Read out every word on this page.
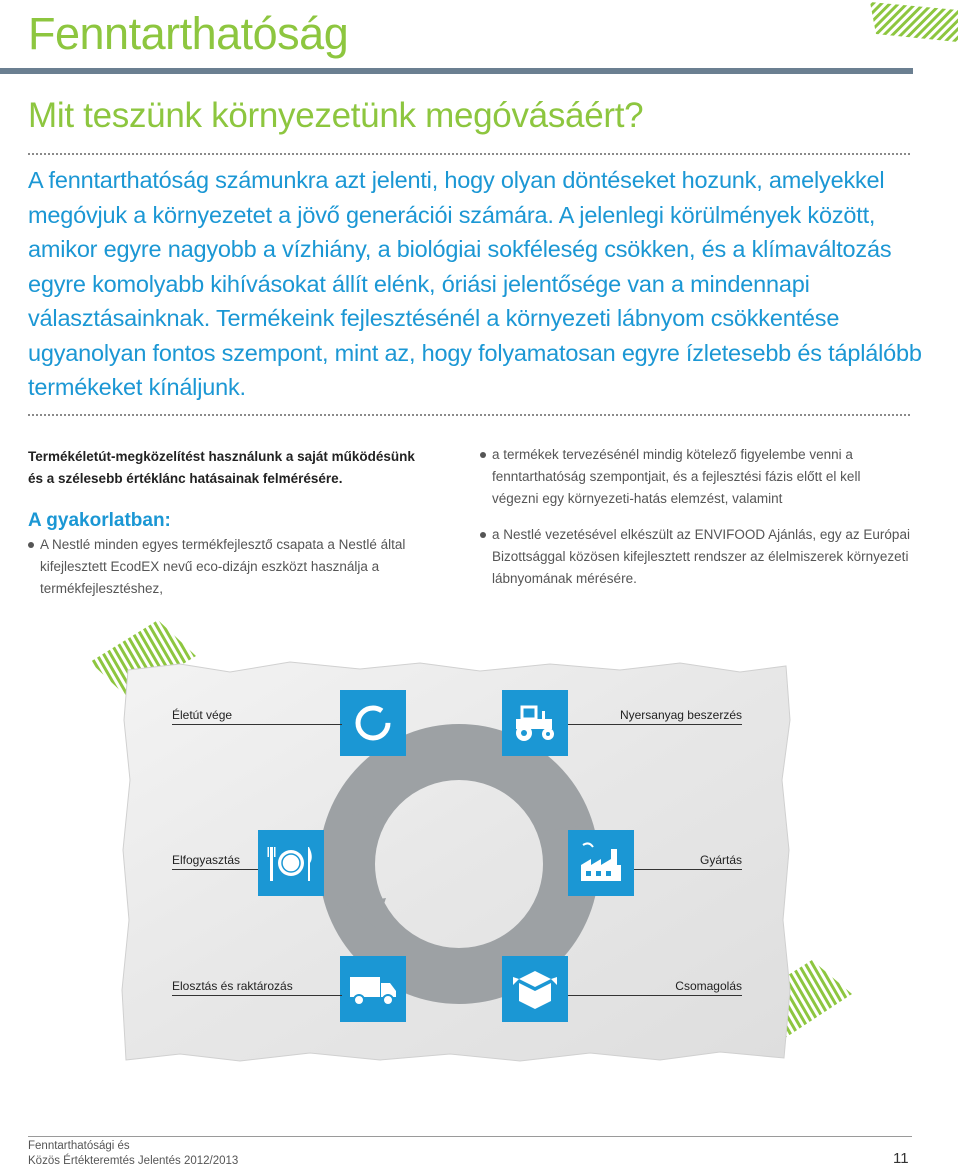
Fenntarthatóság
Mit teszünk környezetünk megóvásáért?

A fenntarthatóság számunkra azt jelenti, hogy olyan döntéseket hozunk, amelyekkel megóvjuk a környezetet a jövő generációi számára. A jelenlegi körülmények között, amikor egyre nagyobb a vízhiány, a biológiai sokféleség csökken, és a klímaváltozás egyre komolyabb kihívásokat állít elénk, óriási jelentősége van a mindennapi választásainknak. Termékeink fejlesztésénél a környezeti lábnyom csökkentése ugyanolyan fontos szempont, mint az, hogy folyamatosan egyre ízletesebb és táplálóbb termékeket kínáljunk.

Termékéletút-megközelítést használunk a saját működésünk és a szélesebb értéklánc hatásainak felmérésére.

A gyakorlatban:
A Nestlé minden egyes termékfejlesztő csapata a Nestlé által kifejlesztett EcodEX nevű eco-dizájn eszközt használja a termékfejlesztéshez,
a termékek tervezésénél mindig kötelező figyelembe venni a fenntarthatóság szempontjait, és a fejlesztési fázis előtt el kell végezni egy környezeti-hatás elemzést, valamint
a Nestlé vezetésével elkészült az ENVIFOOD Ajánlás, egy az Európai Bizottsággal közösen kifejlesztett rendszer az élelmiszerek környezeti lábnyomának mérésére.
Életút vége	Nyersanyag beszerzés
Elfogyasztás	Gyártás
Elosztás és raktározás	Csomagolás

Fenntarthatósági és

Közös Értékteremtés Jelentés 2012/2013	11
